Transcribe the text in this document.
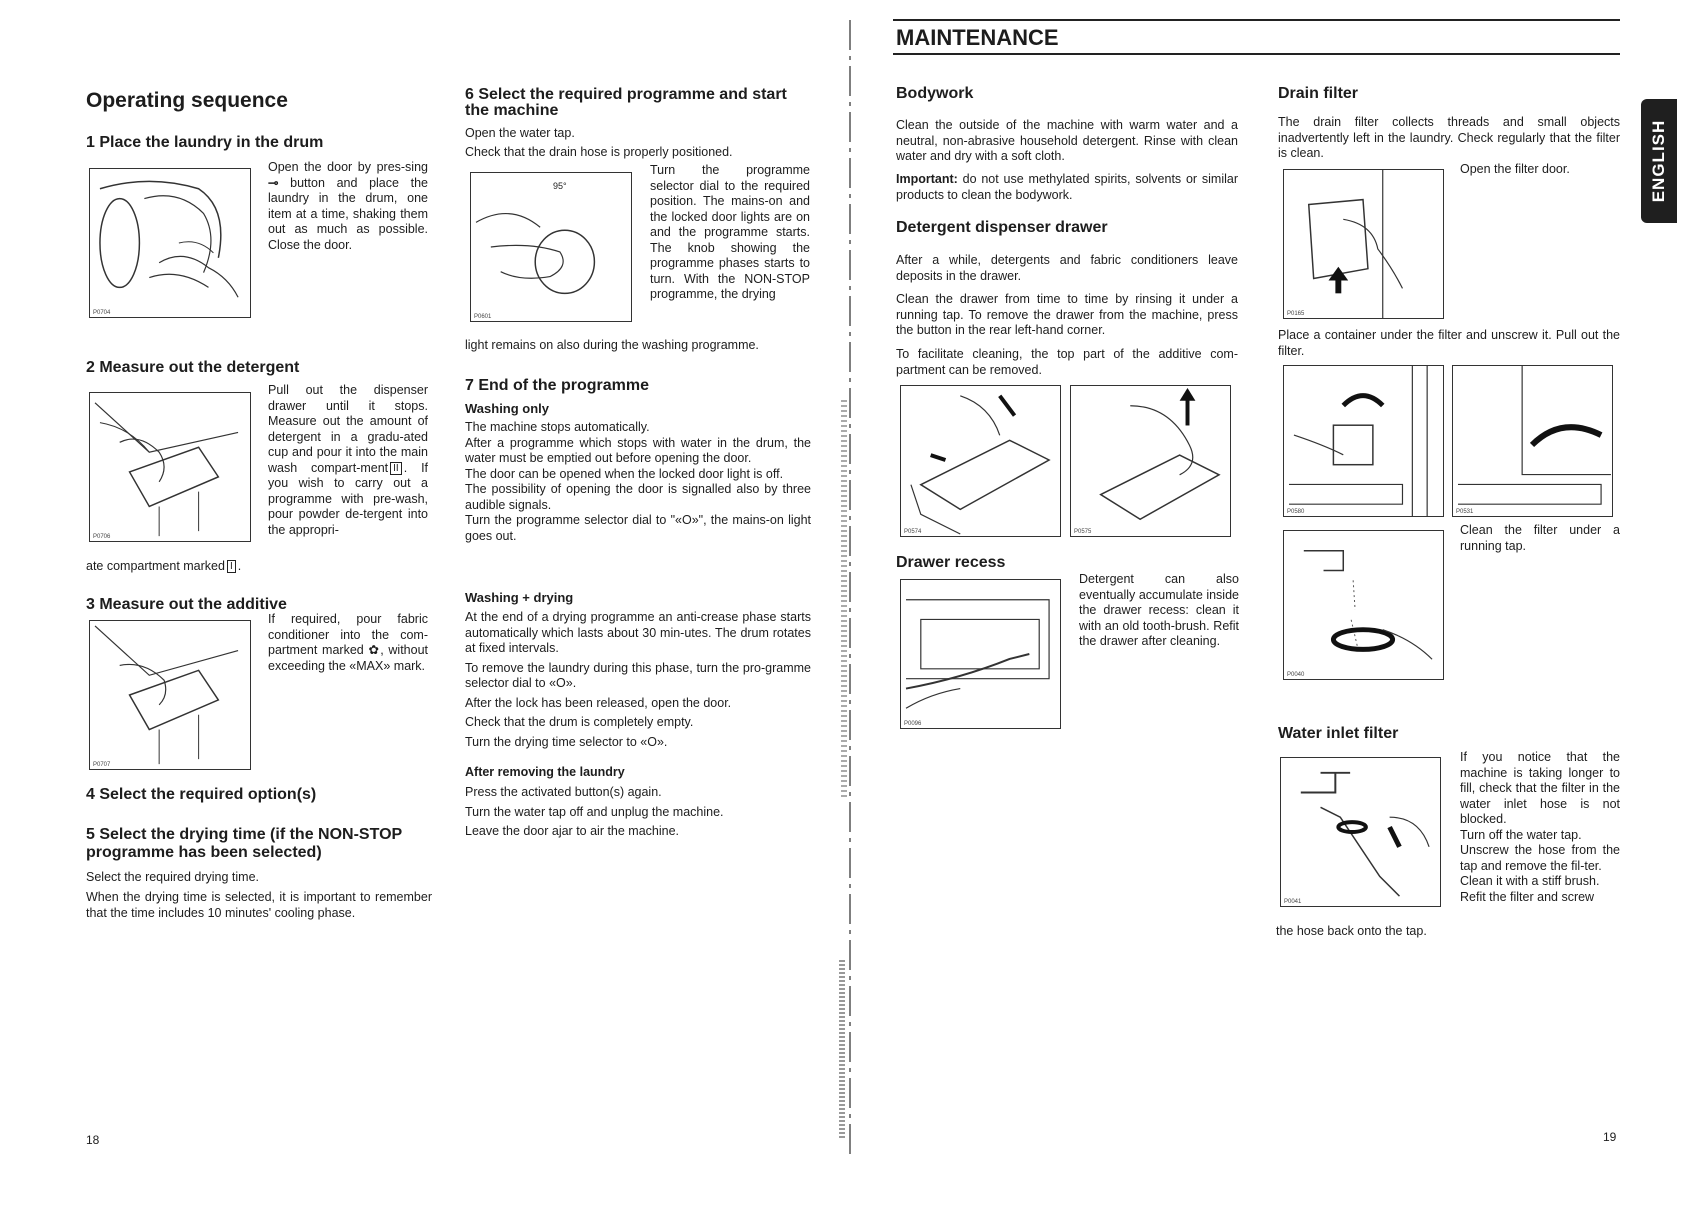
Operating sequence
1 Place the laundry in the drum
P0704
Open the door by pres-sing ⊸ button and place the laundry in the drum, one item at a time, shaking them out as much as possible. Close the door.
2 Measure out the detergent
P0706
Pull out the dispenser drawer until it stops. Measure out the amount of detergent in a gradu-ated cup and pour it into the main wash compart-ment II . If you wish to carry out a programme with pre-wash, pour powder de-tergent into the appropri-
ate compartment marked I .
3 Measure out the additive
P0707
If required, pour fabric conditioner into the com-partment marked ✿, without exceeding the «MAX» mark.
4 Select the required option(s)
5 Select the drying time (if the NON-STOP programme has been selected)
Select the required drying time.
When the drying time is selected, it is important to remember that the time includes 10 minutes' cooling phase.
6 Select the required programme and start the machine
Open the water tap.
Check that the drain hose is properly positioned.
95°
P0601
Turn the programme selector dial to the required position. The mains-on and the locked door lights are on and the programme starts. The knob showing the programme phases starts to turn. With the NON-STOP programme, the drying
light remains on also during the washing programme.
7 End of the programme
Washing only
The machine stops automatically.
After a programme which stops with water in the drum, the water must be emptied out before opening the door.
The door can be opened when the locked door light is off.
The possibility of opening the door is signalled also by three audible signals.
Turn the programme selector dial to "«O»", the mains-on light goes out.
Washing + drying
At the end of a drying programme an anti-crease phase starts automatically which lasts about 30 min-utes. The drum rotates at fixed intervals.
To remove the laundry during this phase, turn the pro-gramme selector dial to «O».
After the lock has been released, open the door.
Check that the drum is completely empty.
Turn the drying time selector to «O».
After removing the laundry
Press the activated button(s) again.
Turn the water tap off and unplug the machine.
Leave the door ajar to air the machine.
18
MAINTENANCE
ENGLISH
Bodywork
Clean the outside of the machine with warm water and a neutral, non-abrasive household detergent. Rinse with clean water and dry with a soft cloth.
Important: do not use methylated spirits, solvents or similar products to clean the bodywork.
Detergent dispenser drawer
After a while, detergents and fabric conditioners leave deposits in the drawer.
Clean the drawer from time to time by rinsing it under a running tap. To remove the drawer from the machine, press the button in the rear left-hand corner.
To facilitate cleaning, the top part of the additive com-partment can be removed.
P0574	P0575
Drawer recess
P0096
Detergent can also eventually accumulate inside the drawer recess: clean it with an old tooth-brush. Refit the drawer after cleaning.
Drain filter
The drain filter collects threads and small objects inadvertently left in the laundry. Check regularly that the filter is clean.
P0165
Open the filter door.
Place a container under the filter and unscrew it. Pull out the filter.
P0580	P0531
P0040
Clean the filter under a running tap.
Water inlet filter
P0041
If you notice that the machine is taking longer to fill, check that the filter in the water inlet hose is not blocked.
Turn off the water tap.
Unscrew the hose from the tap and remove the fil-ter.
Clean it with a stiff brush.
Refit the filter and screw
the hose back onto the tap.
19
